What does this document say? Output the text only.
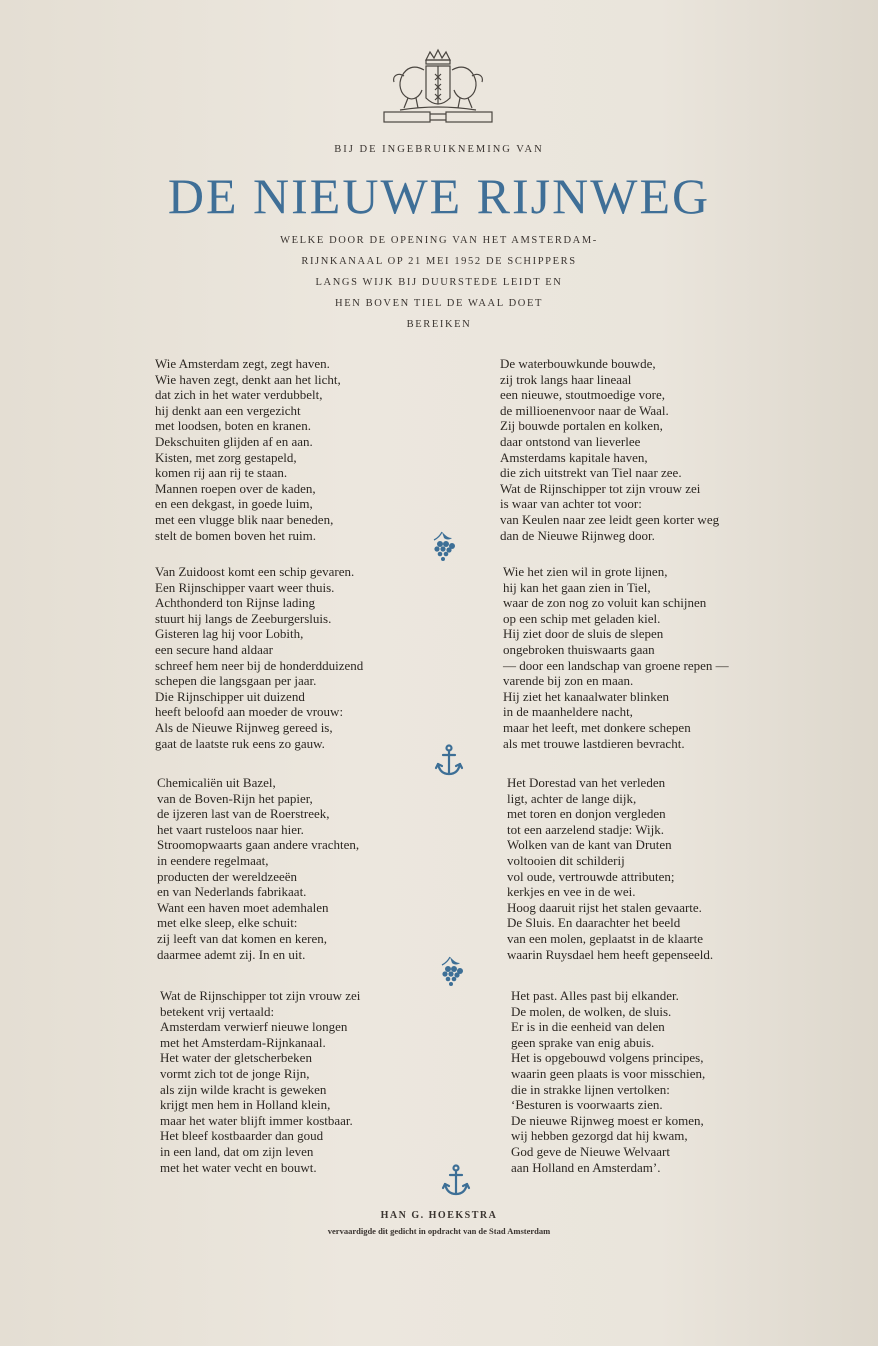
BIJ DE INGEBRUIKNEMING VAN
DE NIEUWE RIJNWEG
WELKE DOOR DE OPENING VAN HET AMSTERDAM-
RIJNKANAAL OP 21 MEI 1952 DE SCHIPPERS
LANGS WIJK BIJ DUURSTEDE LEIDT EN
HEN BOVEN TIEL DE WAAL DOET
BEREIKEN
Wie Amsterdam zegt, zegt haven.
Wie haven zegt, denkt aan het licht,
dat zich in het water verdubbelt,
hij denkt aan een vergezicht
met loodsen, boten en kranen.
Dekschuiten glijden af en aan.
Kisten, met zorg gestapeld,
komen rij aan rij te staan.
Mannen roepen over de kaden,
en een dekgast, in goede luim,
met een vlugge blik naar beneden,
stelt de bomen boven het ruim.
Van Zuidoost komt een schip gevaren.
Een Rijnschipper vaart weer thuis.
Achthonderd ton Rijnse lading
stuurt hij langs de Zeeburgersluis.
Gisteren lag hij voor Lobith,
een secure hand aldaar
schreef hem neer bij de honderdduizend
schepen die langsgaan per jaar.
Die Rijnschipper uit duizend
heeft beloofd aan moeder de vrouw:
Als de Nieuwe Rijnweg gereed is,
gaat de laatste ruk eens zo gauw.
Chemicaliën uit Bazel,
van de Boven-Rijn het papier,
de ijzeren last van de Roerstreek,
het vaart rusteloos naar hier.
Stroomopwaarts gaan andere vrachten,
in eendere regelmaat,
producten der wereldzeeën
en van Nederlands fabrikaat.
Want een haven moet ademhalen
met elke sleep, elke schuit:
zij leeft van dat komen en keren,
daarmee ademt zij. In en uit.
Wat de Rijnschipper tot zijn vrouw zei
betekent vrij vertaald:
Amsterdam verwierf nieuwe longen
met het Amsterdam-Rijnkanaal.
Het water der gletscherbeken
vormt zich tot de jonge Rijn,
als zijn wilde kracht is geweken
krijgt men hem in Holland klein,
maar het water blijft immer kostbaar.
Het bleef kostbaarder dan goud
in een land, dat om zijn leven
met het water vecht en bouwt.
De waterbouwkunde bouwde,
zij trok langs haar lineaal
een nieuwe, stoutmoedige vore,
de millioenenvoor naar de Waal.
Zij bouwde portalen en kolken,
daar ontstond van lieverlee
Amsterdams kapitale haven,
die zich uitstrekt van Tiel naar zee.
Wat de Rijnschipper tot zijn vrouw zei
is waar van achter tot voor:
van Keulen naar zee leidt geen korter weg
dan de Nieuwe Rijnweg door.
Wie het zien wil in grote lijnen,
hij kan het gaan zien in Tiel,
waar de zon nog zo voluit kan schijnen
op een schip met geladen kiel.
Hij ziet door de sluis de slepen
ongebroken thuiswaarts gaan
— door een landschap van groene repen —
varende bij zon en maan.
Hij ziet het kanaalwater blinken
in de maanheldere nacht,
maar het leeft, met donkere schepen
als met trouwe lastdieren bevracht.
Het Dorestad van het verleden
ligt, achter de lange dijk,
met toren en donjon vergleden
tot een aarzelend stadje: Wijk.
Wolken van de kant van Druten
voltooien dit schilderij
vol oude, vertrouwde attributen;
kerkjes en vee in de wei.
Hoog daaruit rijst het stalen gevaarte.
De Sluis. En daarachter het beeld
van een molen, geplaatst in de klaarte
waarin Ruysdael hem heeft gepenseeld.
Het past. Alles past bij elkander.
De molen, de wolken, de sluis.
Er is in die eenheid van delen
geen sprake van enig abuis.
Het is opgebouwd volgens principes,
waarin geen plaats is voor misschien,
die in strakke lijnen vertolken:
‘Besturen is voorwaarts zien.
De nieuwe Rijnweg moest er komen,
wij hebben gezorgd dat hij kwam,
God geve de Nieuwe Welvaart
aan Holland en Amsterdam’.
HAN G. HOEKSTRA
vervaardigde dit gedicht in opdracht van de Stad Amsterdam
